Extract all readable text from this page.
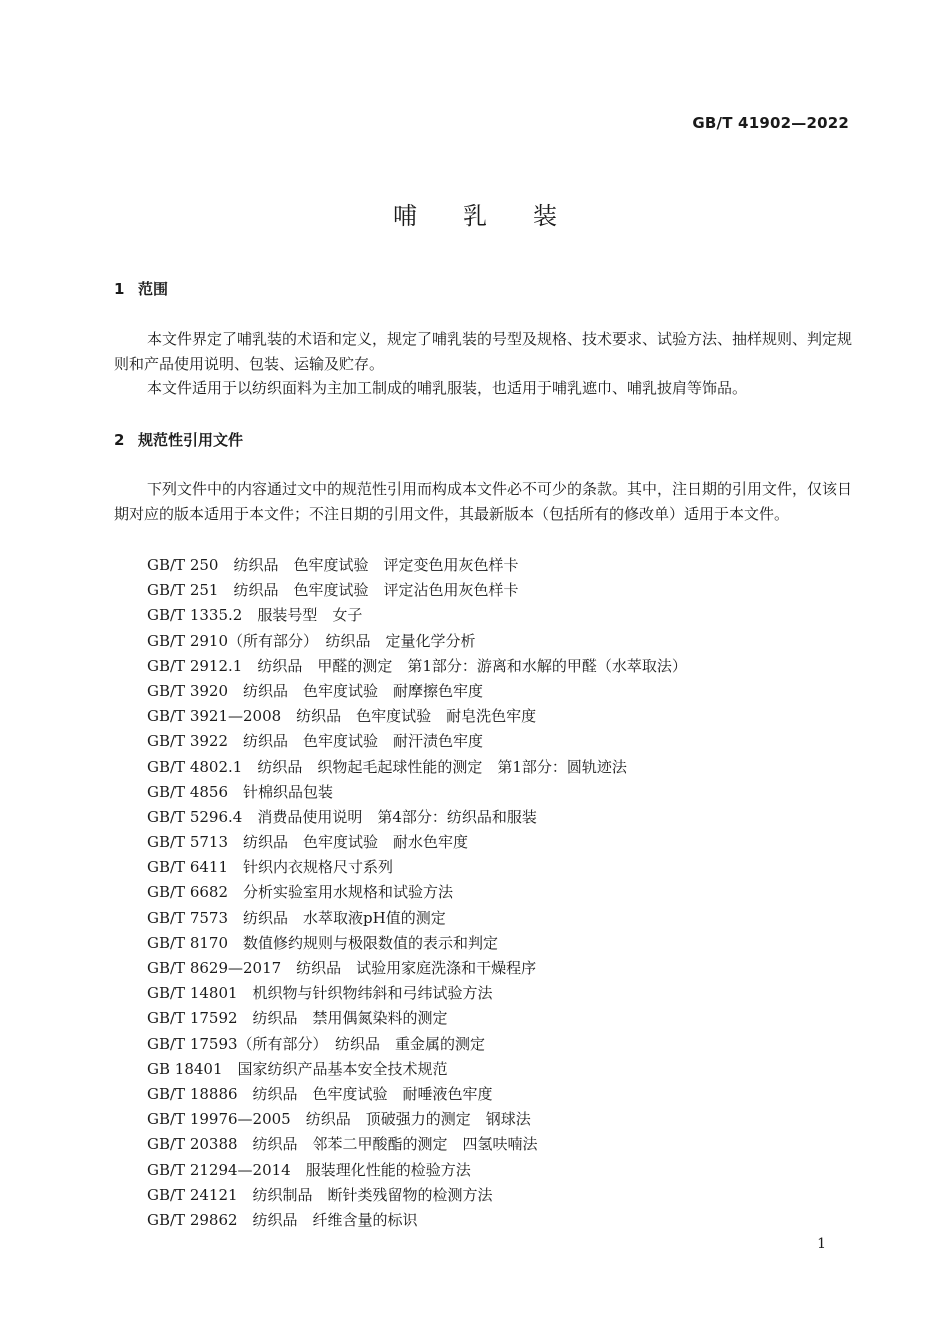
GB/T 41902—2022
哺乳装
1 范围
本文件界定了哺乳装的术语和定义，规定了哺乳装的号型及规格、技术要求、试验方法、抽样规则、判定规则和产品使用说明、包装、运输及贮存。
本文件适用于以纺织面料为主加工制成的哺乳服装，也适用于哺乳遮巾、哺乳披肩等饰品。
2 规范性引用文件
下列文件中的内容通过文中的规范性引用而构成本文件必不可少的条款。其中，注日期的引用文件，仅该日期对应的版本适用于本文件；不注日期的引用文件，其最新版本（包括所有的修改单）适用于本文件。
GB/T 250　纺织品　色牢度试验　评定变色用灰色样卡
GB/T 251　纺织品　色牢度试验　评定沾色用灰色样卡
GB/T 1335.2　服装号型　女子
GB/T 2910（所有部分）　纺织品　定量化学分析
GB/T 2912.1　纺织品　甲醛的测定　第1部分：游离和水解的甲醛（水萃取法）
GB/T 3920　纺织品　色牢度试验　耐摩擦色牢度
GB/T 3921—2008　纺织品　色牢度试验　耐皂洗色牢度
GB/T 3922　纺织品　色牢度试验　耐汗渍色牢度
GB/T 4802.1　纺织品　织物起毛起球性能的测定　第1部分：圆轨迹法
GB/T 4856　针棉织品包装
GB/T 5296.4　消费品使用说明　第4部分：纺织品和服装
GB/T 5713　纺织品　色牢度试验　耐水色牢度
GB/T 6411　针织内衣规格尺寸系列
GB/T 6682　分析实验室用水规格和试验方法
GB/T 7573　纺织品　水萃取液pH值的测定
GB/T 8170　数值修约规则与极限数值的表示和判定
GB/T 8629—2017　纺织品　试验用家庭洗涤和干燥程序
GB/T 14801　机织物与针织物纬斜和弓纬试验方法
GB/T 17592　纺织品　禁用偶氮染料的测定
GB/T 17593（所有部分）　纺织品　重金属的测定
GB 18401　国家纺织产品基本安全技术规范
GB/T 18886　纺织品　色牢度试验　耐唾液色牢度
GB/T 19976—2005　纺织品　顶破强力的测定　钢球法
GB/T 20388　纺织品　邻苯二甲酸酯的测定　四氢呋喃法
GB/T 21294—2014　服装理化性能的检验方法
GB/T 24121　纺织制品　断针类残留物的检测方法
GB/T 29862　纺织品　纤维含量的标识
1
